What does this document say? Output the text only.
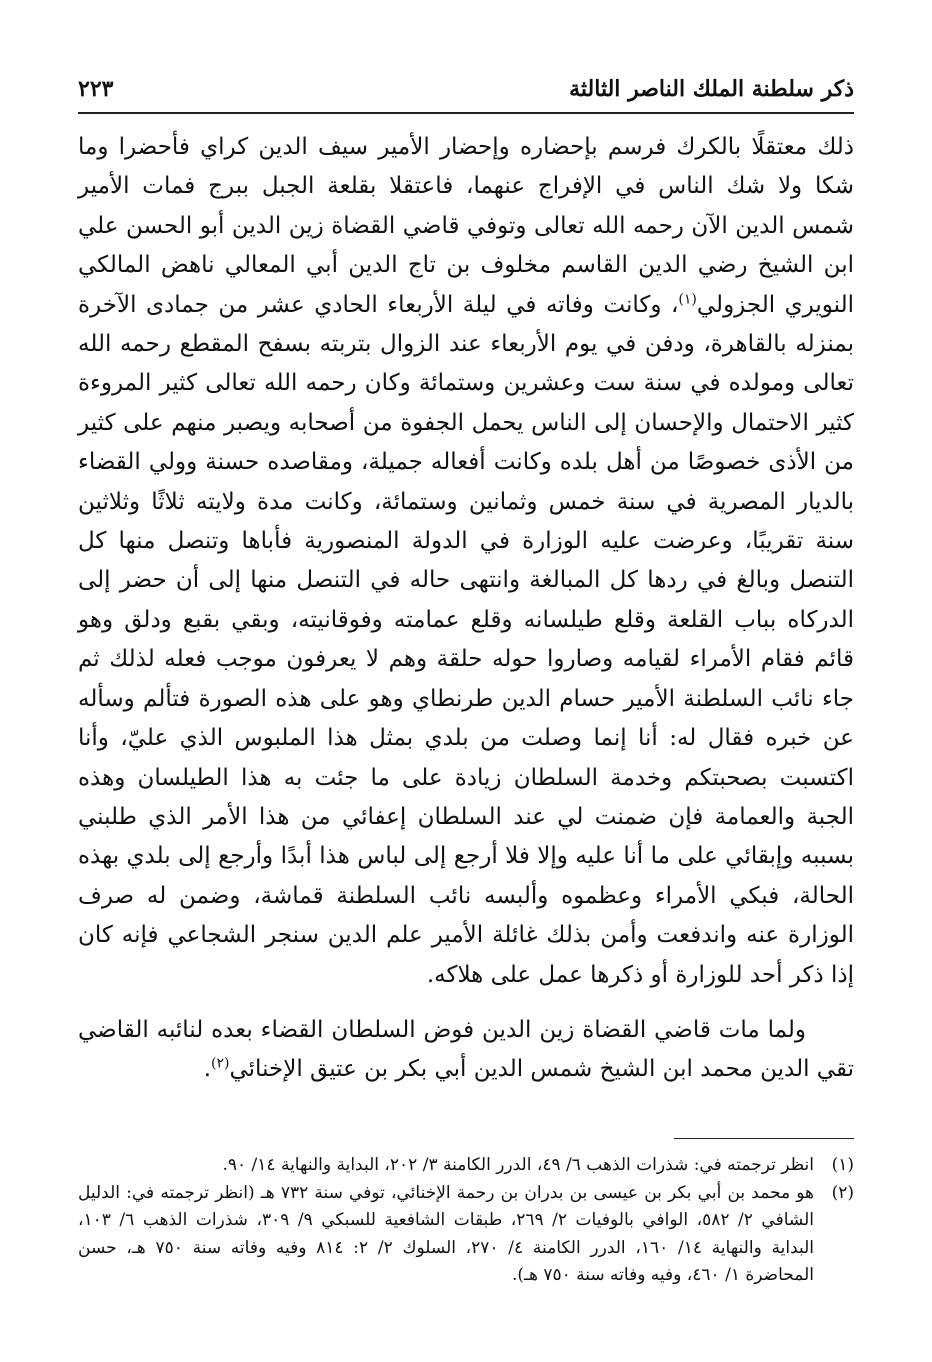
ذكر سلطنة الملك الناصر الثالثة
٢٢٣

ذلك معتقلًا بالكرك فرسم بإحضاره وإحضار الأمير سيف الدين كراي فأحضرا وما شكا ولا شك الناس في الإفراج عنهما، فاعتقلا بقلعة الجبل ببرج فمات الأمير شمس الدين الآن رحمه الله تعالى وتوفي قاضي القضاة زين الدين أبو الحسن علي ابن الشيخ رضي الدين القاسم مخلوف بن تاج الدين أبي المعالي ناهض المالكي النويري الجزولي$^{(١)}$، وكانت وفاته في ليلة الأربعاء الحادي عشر من جمادى الآخرة بمنزله بالقاهرة، ودفن في يوم الأربعاء عند الزوال بتربته بسفح المقطع رحمه الله تعالى ومولده في سنة ست وعشرين وستمائة وكان رحمه الله تعالى كثير المروءة كثير الاحتمال والإحسان إلى الناس يحمل الجفوة من أصحابه ويصبر منهم على كثير من الأذى خصوصًا من أهل بلده وكانت أفعاله جميلة، ومقاصده حسنة وولي القضاء بالديار المصرية في سنة خمس وثمانين وستمائة، وكانت مدة ولايته ثلاثًا وثلاثين سنة تقريبًا، وعرضت عليه الوزارة في الدولة المنصورية فأباها وتنصل منها كل التنصل وبالغ في ردها كل المبالغة وانتهى حاله في التنصل منها إلى أن حضر إلى الدركاه بباب القلعة وقلع طيلسانه وقلع عمامته وفوقانيته، وبقي بقبع ودلق وهو قائم فقام الأمراء لقيامه وصاروا حوله حلقة وهم لا يعرفون موجب فعله لذلك ثم جاء نائب السلطنة الأمير حسام الدين طرنطاي وهو على هذه الصورة فتألم وسأله عن خبره فقال له: أنا إنما وصلت من بلدي بمثل هذا الملبوس الذي عليّ، وأنا اكتسبت بصحبتكم وخدمة السلطان زيادة على ما جئت به هذا الطيلسان وهذه الجبة والعمامة فإن ضمنت لي عند السلطان إعفائي من هذا الأمر الذي طلبني بسببه وإبقائي على ما أنا عليه وإلا فلا أرجع إلى لباس هذا أبدًا وأرجع إلى بلدي بهذه الحالة، فبكي الأمراء وعظموه وألبسه نائب السلطنة قماشة، وضمن له صرف الوزارة عنه واندفعت وأمن بذلك غائلة الأمير علم الدين سنجر الشجاعي فإنه كان إذا ذكر أحد للوزارة أو ذكرها عمل على هلاكه.

ولما مات قاضي القضاة زين الدين فوض السلطان القضاء بعده لنائبه القاضي تقي الدين محمد ابن الشيخ شمس الدين أبي بكر بن عتيق الإخنائي$^{(٢)}$.

(١)
انظر ترجمته في: شذرات الذهب ٦/ ٤٩، الدرر الكامنة ٣/ ٢٠٢، البداية والنهاية ١٤/ ٩٠.
(٢)
هو محمد بن أبي بكر بن عيسى بن بدران بن رحمة الإخنائي، توفي سنة ٧٣٢ هـ (انظر ترجمته في: الدليل الشافي ٢/ ٥٨٢، الوافي بالوفيات ٢/ ٢٦٩، طبقات الشافعية للسبكي ٩/ ٣٠٩، شذرات الذهب ٦/ ١٠٣، البداية والنهاية ١٤/ ١٦٠، الدرر الكامنة ٤/ ٢٧٠، السلوك ٢/ ٢: ٨١٤ وفيه وفاته سنة ٧٥٠ هـ، حسن المحاضرة ١/ ٤٦٠، وفيه وفاته سنة ٧٥٠ هـ).
